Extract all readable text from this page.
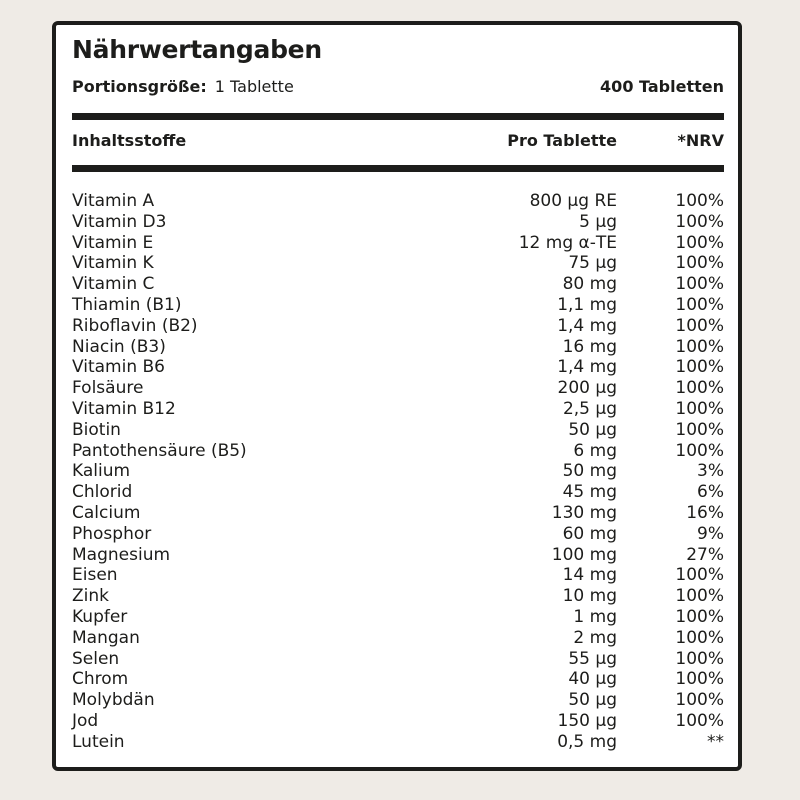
Nährwertangaben
Portionsgröße: 1 Tablette	400 Tabletten
Inhaltsstoffe	Pro Tablette	*NRV
Vitamin A	800 µg RE	100%
Vitamin D3	5 µg	100%
Vitamin E	12 mg α-TE	100%
Vitamin K	75 µg	100%
Vitamin C	80 mg	100%
Thiamin (B1)	1,1 mg	100%
Riboflavin (B2)	1,4 mg	100%
Niacin (B3)	16 mg	100%
Vitamin B6	1,4 mg	100%
Folsäure	200 µg	100%
Vitamin B12	2,5 µg	100%
Biotin	50 µg	100%
Pantothensäure (B5)	6 mg	100%
Kalium	50 mg	3%
Chlorid	45 mg	6%
Calcium	130 mg	16%
Phosphor	60 mg	9%
Magnesium	100 mg	27%
Eisen	14 mg	100%
Zink	10 mg	100%
Kupfer	1 mg	100%
Mangan	2 mg	100%
Selen	55 µg	100%
Chrom	40 µg	100%
Molybdän	50 µg	100%
Jod	150 µg	100%
Lutein	0,5 mg	**
